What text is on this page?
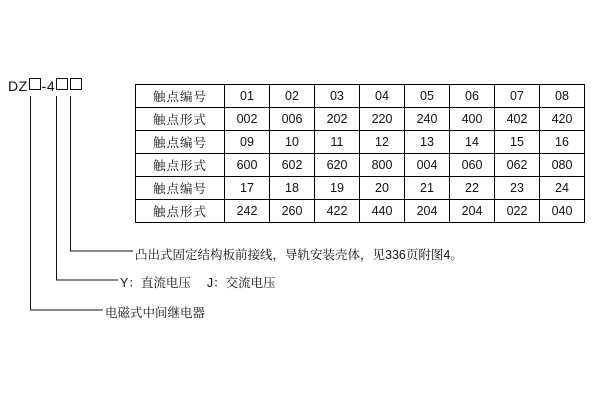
DZ -4
触点编号	01	02	03	04	05	06	07	08
触点形式	002	006	202	220	240	400	402	420
触点编号	09	10	11	12	13	14	15	16
触点形式	600	602	620	800	004	060	062	080
触点编号	17	18	19	20	21	22	23	24
触点形式	242	260	422	440	204	204	022	040
凸出式固定结构板前接线，导轨安装壳体，见336页附图4。
Y：直流电压 J：交流电压
电磁式中间继电器
